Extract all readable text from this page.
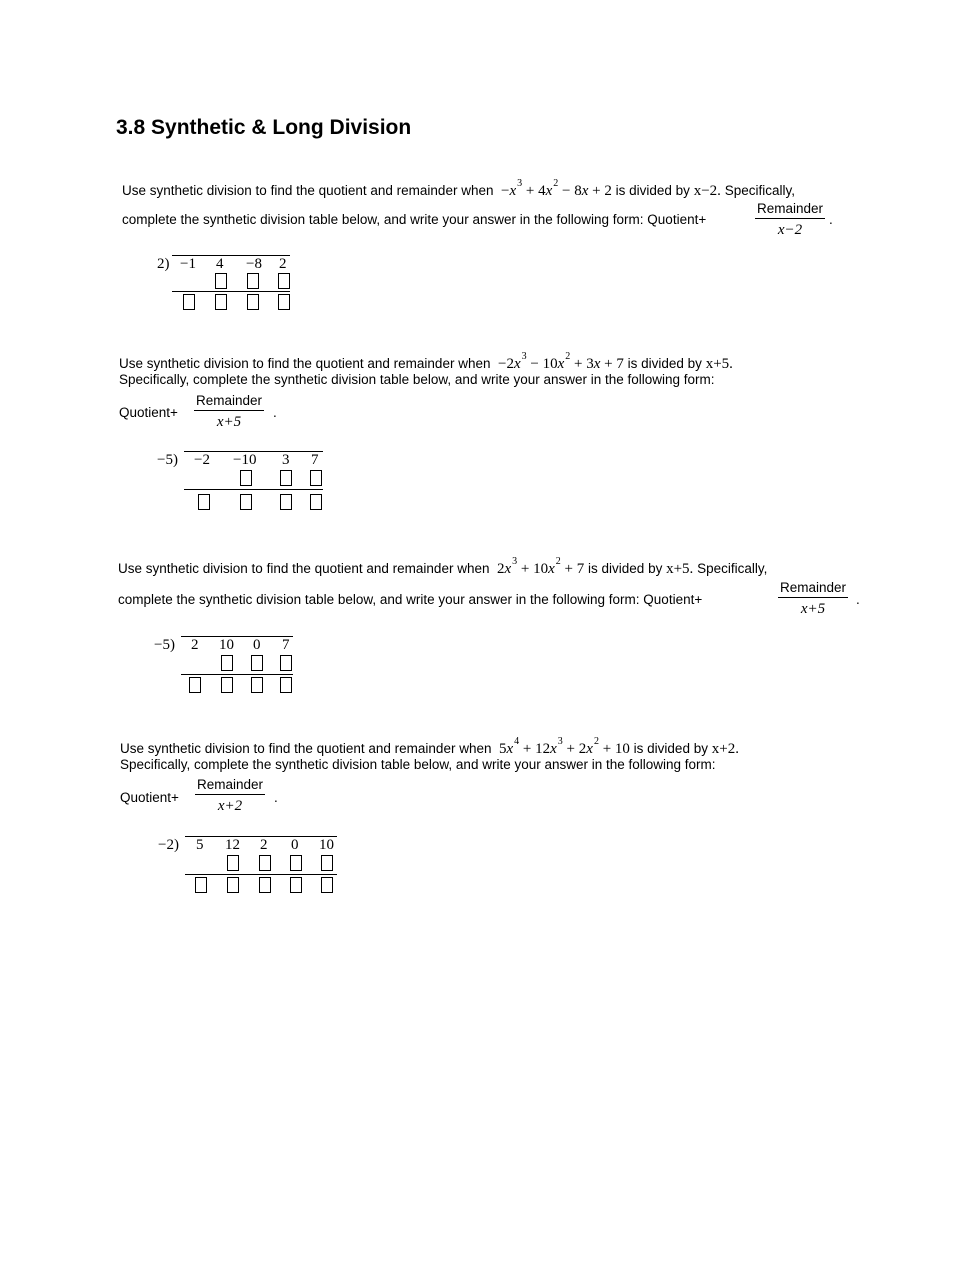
3.8 Synthetic & Long Division
Use synthetic division to find the quotient and remainder when  $-x^3 + 4x^2 - 8x + 2$ is divided by x−2. Specifically,
complete the synthetic division table below, and write your answer in the following form: Quotient+
Remainder
x−2
.
2) −1 4 −8 2
Use synthetic division to find the quotient and remainder when  $-2x^3 - 10x^2 + 3x + 7$ is divided by x+5.
Specifically, complete the synthetic division table below, and write your answer in the following form:
Quotient+
Remainder
x+5
.
−5) −2 −10 3 7
Use synthetic division to find the quotient and remainder when  $2x^3 + 10x^2 + 7$ is divided by x+5. Specifically,
complete the synthetic division table below, and write your answer in the following form: Quotient+
Remainder
x+5
.
−5) 2 10 0 7
Use synthetic division to find the quotient and remainder when  $5x^4 + 12x^3 + 2x^2 + 10$ is divided by x+2.
Specifically, complete the synthetic division table below, and write your answer in the following form:
Quotient+
Remainder
x+2
.
−2) 5 12 2 0 10
